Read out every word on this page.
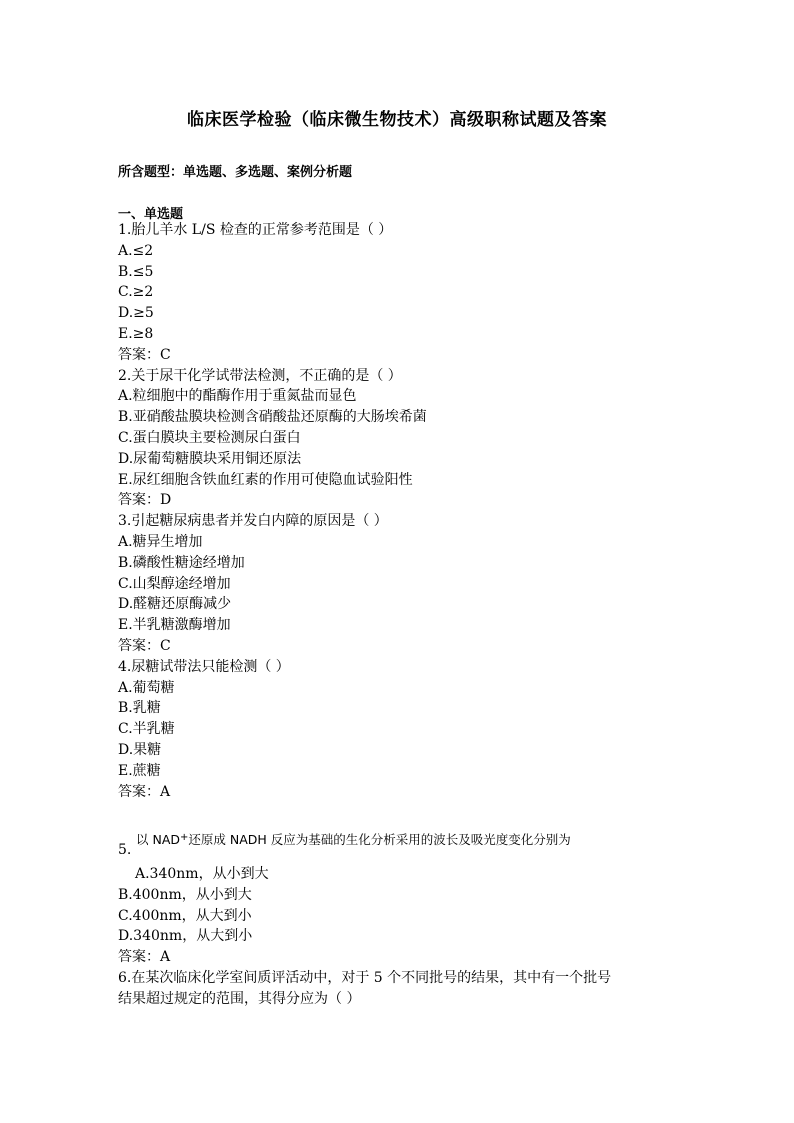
临床医学检验（临床微生物技术）高级职称试题及答案
所含题型：单选题、多选题、案例分析题
一、单选题
1.胎儿羊水 L/S 检查的正常参考范围是（ ）
A.≤2
B.≤5
C.≥2
D.≥5
E.≥8
答案：C
2.关于尿干化学试带法检测，不正确的是（ ）
A.粒细胞中的酯酶作用于重氮盐而显色
B.亚硝酸盐膜块检测含硝酸盐还原酶的大肠埃希菌
C.蛋白膜块主要检测尿白蛋白
D.尿葡萄糖膜块采用铜还原法
E.尿红细胞含铁血红素的作用可使隐血试验阳性
答案：D
3.引起糖尿病患者并发白内障的原因是（ ）
A.糖异生增加
B.磷酸性糖途经增加
C.山梨醇途经增加
D.醛糖还原酶减少
E.半乳糖激酶增加
答案：C
4.尿糖试带法只能检测（ ）
A.葡萄糖
B.乳糖
C.半乳糖
D.果糖
E.蔗糖
答案：A
5.
以 NAD+还原成 NADH 反应为基础的生化分析采用的波长及吸光度变化分别为
A.340nm，从小到大
B.400nm，从小到大
C.400nm，从大到小
D.340nm，从大到小
答案：A
6.在某次临床化学室间质评活动中，对于 5 个不同批号的结果，其中有一个批号
结果超过规定的范围，其得分应为（ ）
